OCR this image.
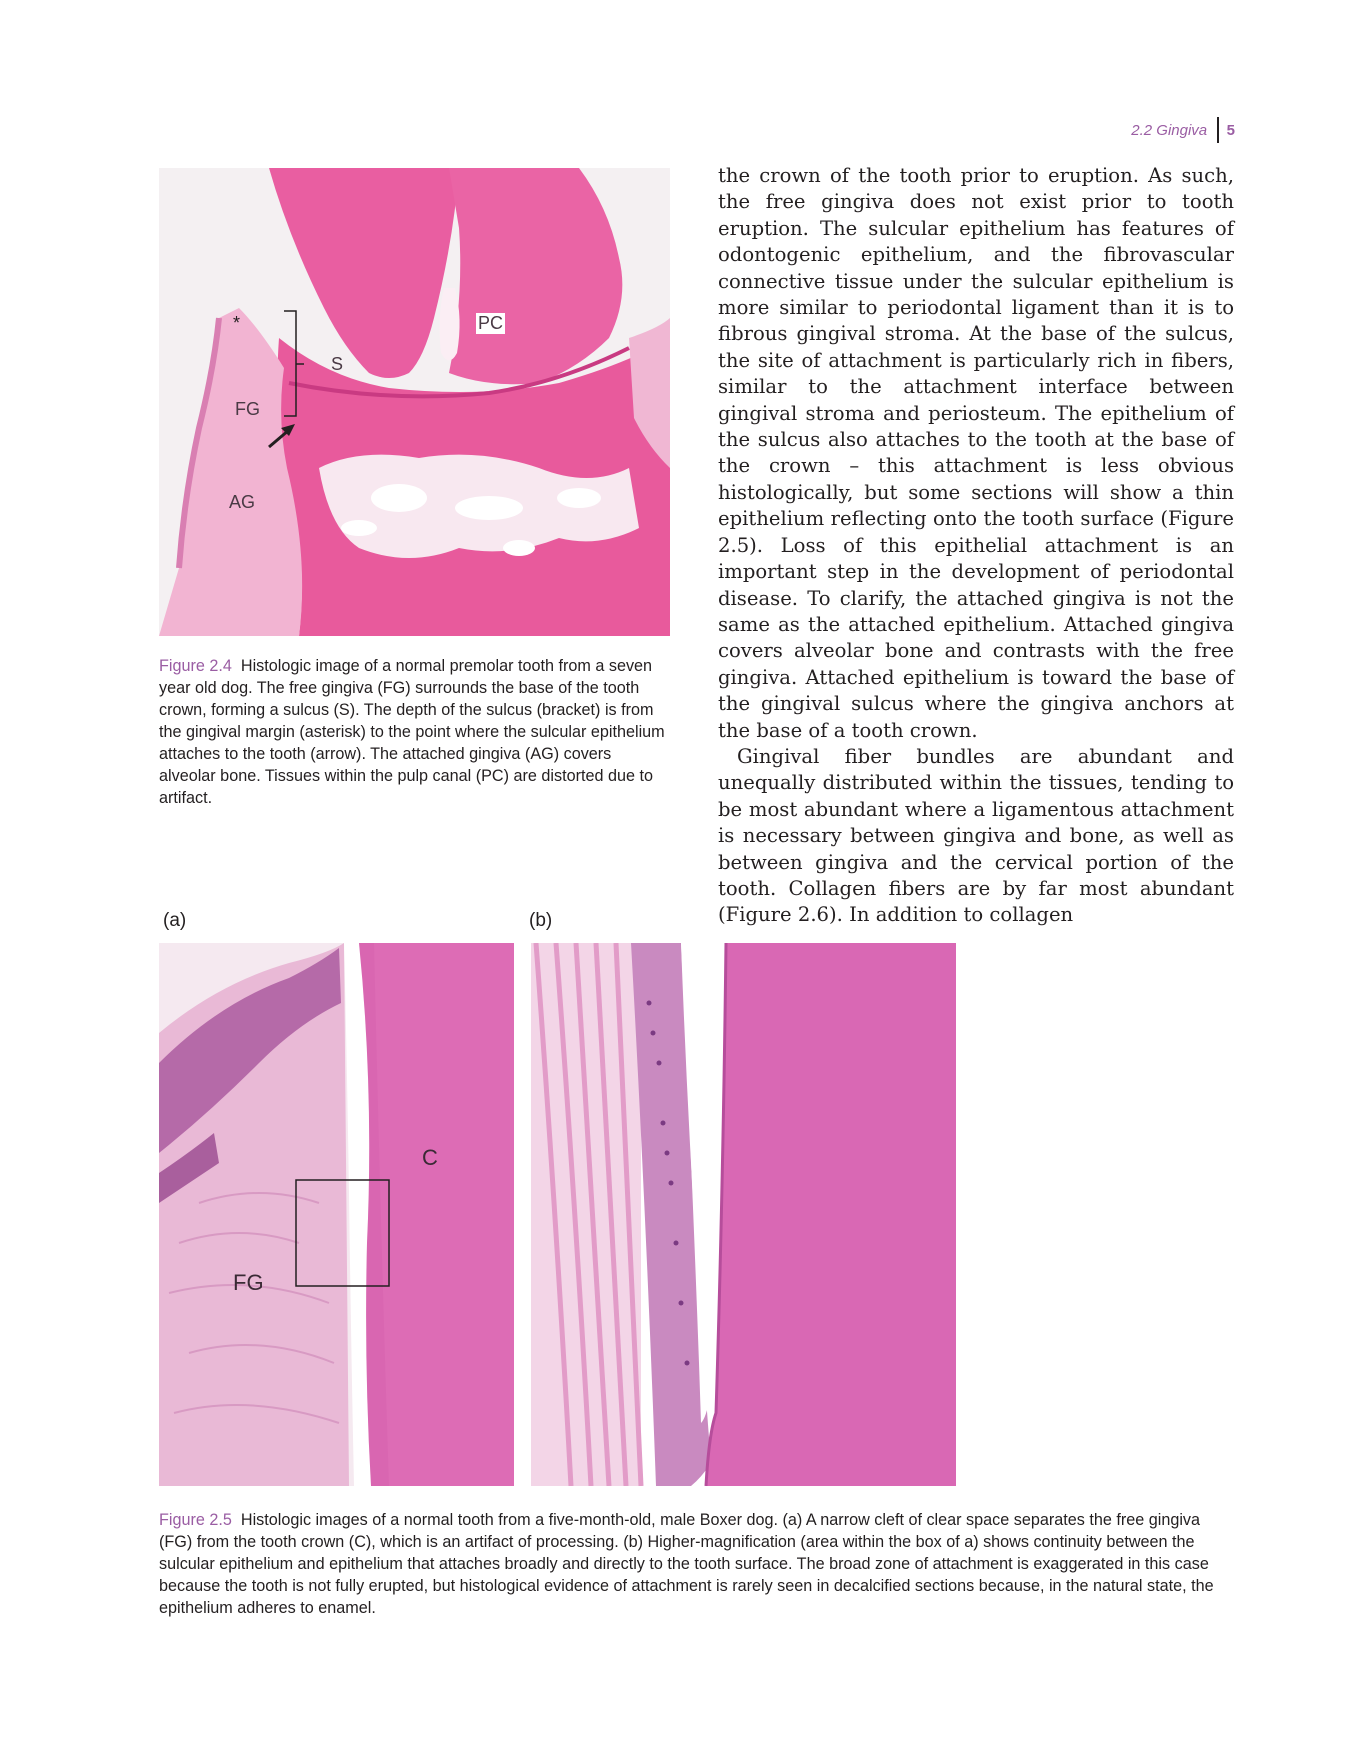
2.2 Gingiva 5
PC
S
FG
AG
*
Figure 2.4 Histologic image of a normal premolar tooth from a seven year old dog. The free gingiva (FG) surrounds the base of the tooth crown, forming a sulcus (S). The depth of the sulcus (bracket) is from the gingival margin (asterisk) to the point where the sulcular epithelium attaches to the tooth (arrow). The attached gingiva (AG) covers alveolar bone. Tissues within the pulp canal (PC) are distorted due to artifact.

the crown of the tooth prior to eruption. As such, the free gingiva does not exist prior to tooth eruption. The sulcular epithelium has features of odontogenic epithelium, and the fibrovascular connective tissue under the sulcular epithelium is more similar to periodontal ligament than it is to fibrous gingival stroma. At the base of the sulcus, the site of attachment is particularly rich in fibers, similar to the attachment interface between gingival stroma and periosteum. The epithelium of the sulcus also attaches to the tooth at the base of the crown – this attachment is less obvious histologically, but some sections will show a thin epithelium reflecting onto the tooth surface (Figure 2.5). Loss of this epithelial attachment is an important step in the development of periodontal disease. To clarify, the attached gingiva is not the same as the attached epithelium. Attached gingiva covers alveolar bone and contrasts with the free gingiva. Attached epithelium is toward the base of the gingival sulcus where the gingiva anchors at the base of a tooth crown.

Gingival fiber bundles are abundant and unequally distributed within the tissues, tending to be most abundant where a ligamentous attachment is necessary between gingiva and bone, as well as between gingiva and the cervical portion of the tooth. Collagen fibers are by far most abundant (Figure 2.6). In addition to collagen

(a)	(b)
C
FG
Figure 2.5 Histologic images of a normal tooth from a five-month-old, male Boxer dog. (a) A narrow cleft of clear space separates the free gingiva (FG) from the tooth crown (C), which is an artifact of processing. (b) Higher-magnification (area within the box of a) shows continuity between the sulcular epithelium and epithelium that attaches broadly and directly to the tooth surface. The broad zone of attachment is exaggerated in this case because the tooth is not fully erupted, but histological evidence of attachment is rarely seen in decalcified sections because, in the natural state, the epithelium adheres to enamel.
